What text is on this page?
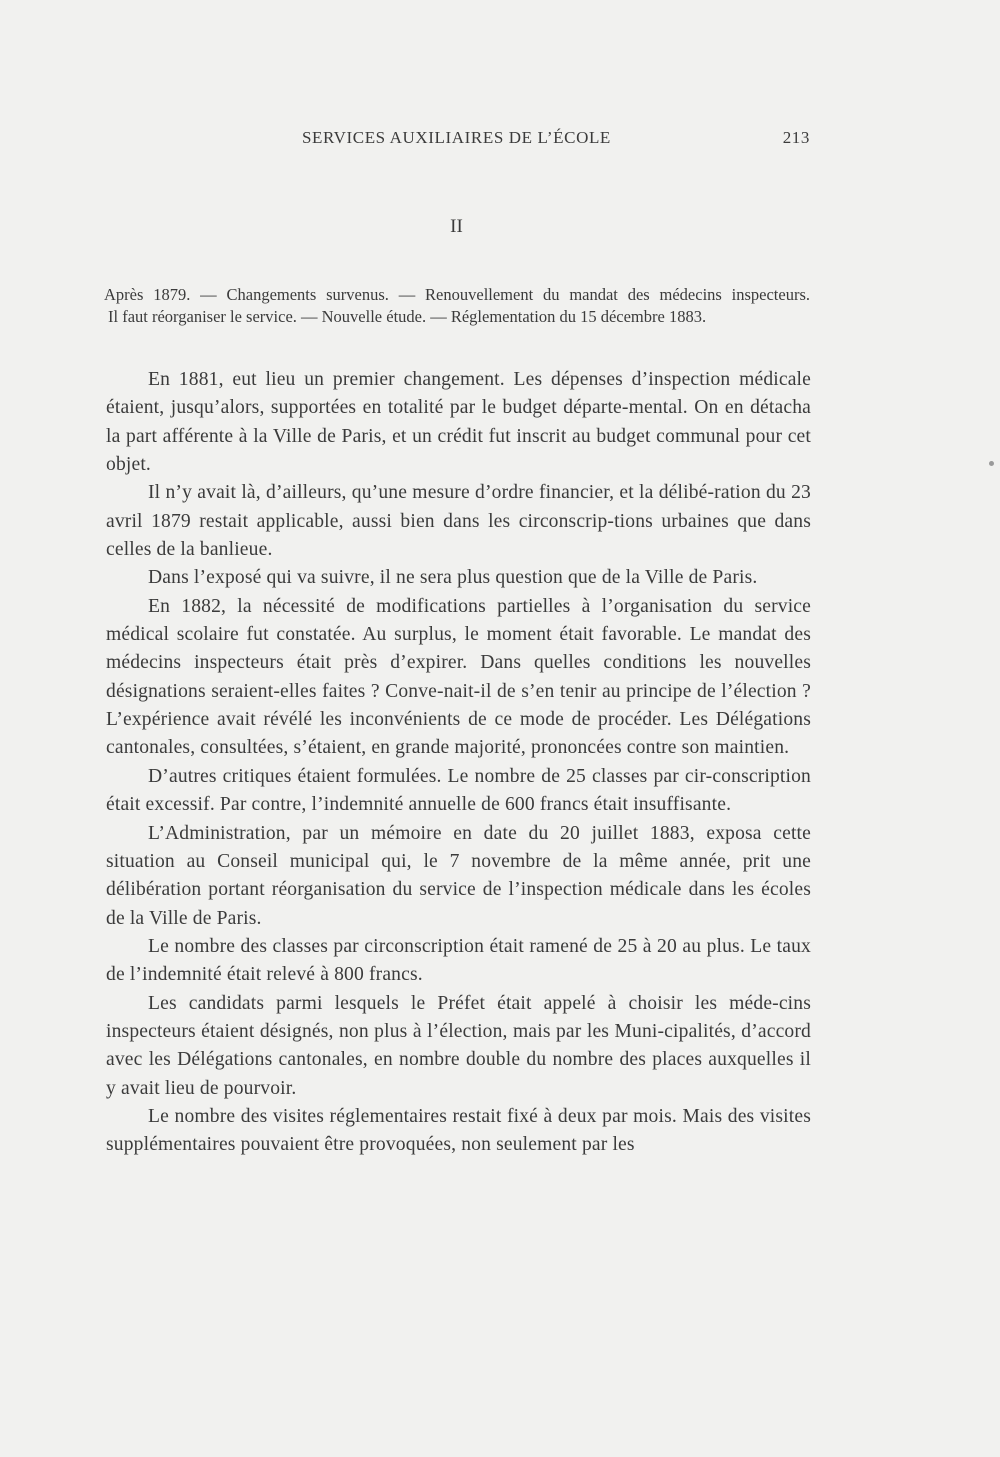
SERVICES AUXILIAIRES DE L’ÉCOLE	213
II

Après 1879. — Changements survenus. — Renouvellement du mandat des médecins inspecteurs.

Il faut réorganiser le service. — Nouvelle étude. — Réglementation du 15 décembre 1883.

En 1881, eut lieu un premier changement. Les dépenses d’inspection médicale étaient, jusqu’alors, supportées en totalité par le budget départe-mental. On en détacha la part afférente à la Ville de Paris, et un crédit fut inscrit au budget communal pour cet objet.

Il n’y avait là, d’ailleurs, qu’une mesure d’ordre financier, et la délibé-ration du 23 avril 1879 restait applicable, aussi bien dans les circonscrip-tions urbaines que dans celles de la banlieue.

Dans l’exposé qui va suivre, il ne sera plus question que de la Ville de Paris.

En 1882, la nécessité de modifications partielles à l’organisation du service médical scolaire fut constatée. Au surplus, le moment était favorable. Le mandat des médecins inspecteurs était près d’expirer. Dans quelles conditions les nouvelles désignations seraient-elles faites ? Conve-nait-il de s’en tenir au principe de l’élection ? L’expérience avait révélé les inconvénients de ce mode de procéder. Les Délégations cantonales, consultées, s’étaient, en grande majorité, prononcées contre son maintien.

D’autres critiques étaient formulées. Le nombre de 25 classes par cir-conscription était excessif. Par contre, l’indemnité annuelle de 600 francs était insuffisante.

L’Administration, par un mémoire en date du 20 juillet 1883, exposa cette situation au Conseil municipal qui, le 7 novembre de la même année, prit une délibération portant réorganisation du service de l’inspection médicale dans les écoles de la Ville de Paris.

Le nombre des classes par circonscription était ramené de 25 à 20 au plus. Le taux de l’indemnité était relevé à 800 francs.

Les candidats parmi lesquels le Préfet était appelé à choisir les méde-cins inspecteurs étaient désignés, non plus à l’élection, mais par les Muni-cipalités, d’accord avec les Délégations cantonales, en nombre double du nombre des places auxquelles il y avait lieu de pourvoir.

Le nombre des visites réglementaires restait fixé à deux par mois. Mais des visites supplémentaires pouvaient être provoquées, non seulement par les
